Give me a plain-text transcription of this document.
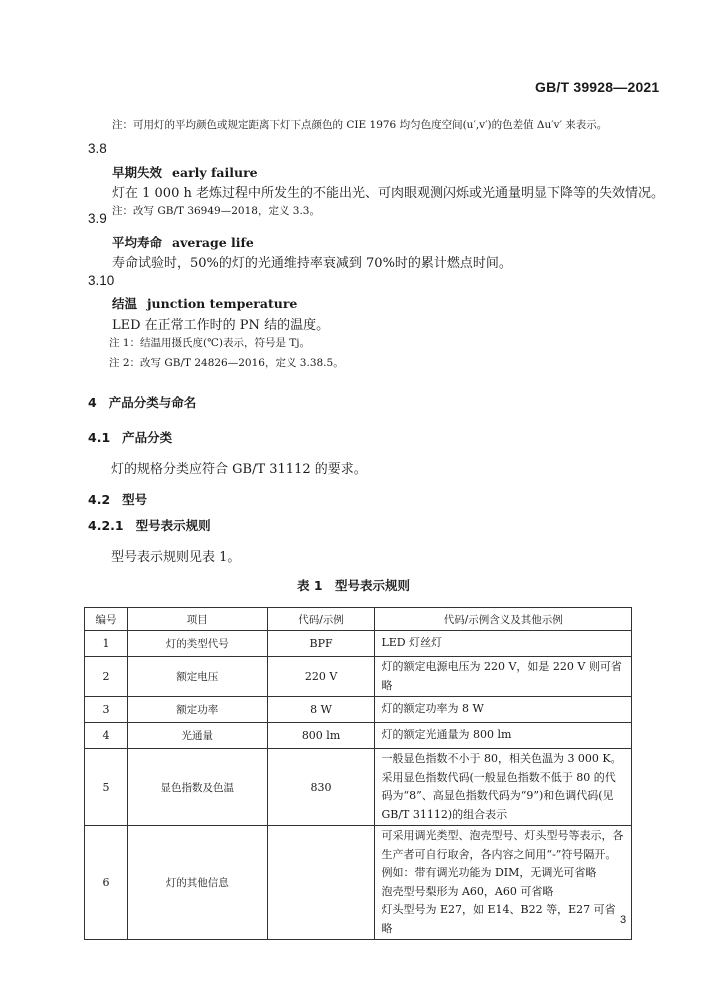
GB/T 39928—2021
注：可用灯的平均颜色或规定距离下灯下点颜色的 CIE 1976 均匀色度空间(u′,v′)的色差值 Δu′v′ 来表示。
3.8
早期失效 early failure
灯在 1 000 h 老炼过程中所发生的不能出光、可肉眼观测闪烁或光通量明显下降等的失效情况。
注：改写 GB/T 36949—2018，定义 3.3。
3.9
平均寿命 average life
寿命试验时，50%的灯的光通维持率衰减到 70%时的累计燃点时间。
3.10
结温 junction temperature
LED 在正常工作时的 PN 结的温度。
注 1：结温用摄氏度(℃)表示，符号是 Tj。
注 2：改写 GB/T 24826—2016，定义 3.38.5。
4 产品分类与命名
4.1 产品分类
灯的规格分类应符合 GB/T 31112 的要求。
4.2 型号
4.2.1 型号表示规则
型号表示规则见表 1。
表 1　型号表示规则
编号	项目	代码/示例	代码/示例含义及其他示例
1	灯的类型代号	BPF	LED 灯丝灯

2	额定电压	220 V	灯的额定电源电压为 220 V，如是 220 V 则可省略

3	额定功率	8 W	灯的额定功率为 8 W

4	光通量	800 lm	灯的额定光通量为 800 lm

5	显色指数及色温	830	一般显色指数不小于 80，相关色温为 3 000 K。
采用显色指数代码(一般显色指数不低于 80 的代码为“8”、高显色指数代码为“9”)和色调代码(见 GB/T 31112)的组合表示

6	灯的其他信息		可采用调光类型、泡壳型号、灯头型号等表示，各生产者可自行取舍，各内容之间用“-”符号隔开。
例如：带有调光功能为 DIM，无调光可省略
泡壳型号梨形为 A60，A60 可省略
灯头型号为 E27，如 E14、B22 等，E27 可省略
3
